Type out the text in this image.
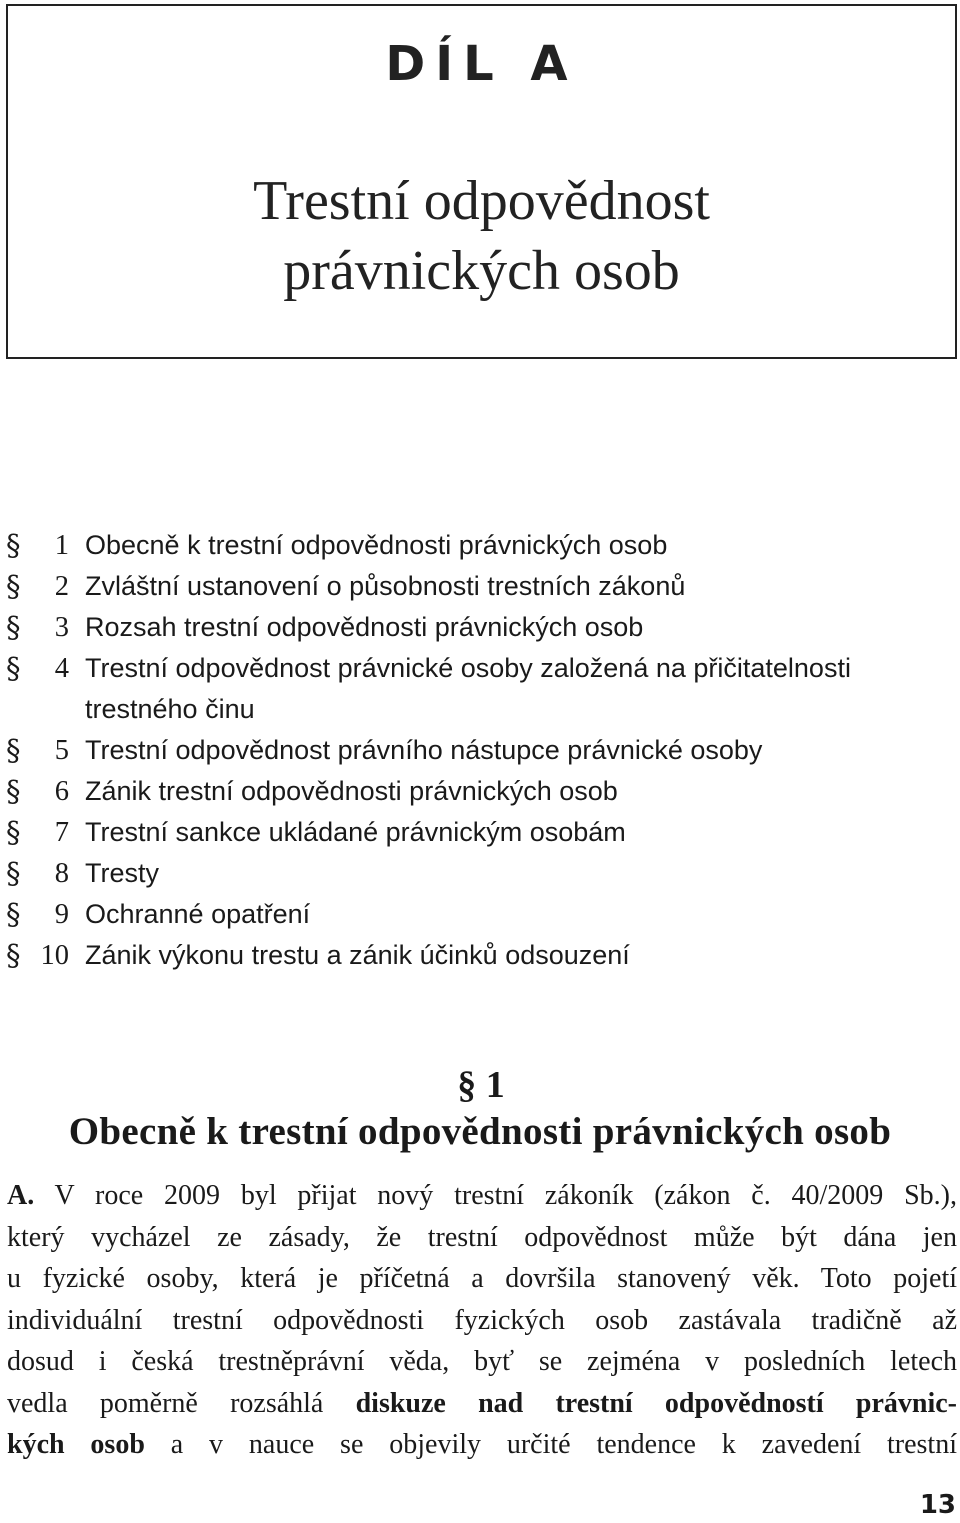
DÍL A
Trestní odpovědnost
právnických osob
§	1 Obecně k trestní odpovědnosti právnických osob
§	2 Zvláštní ustanovení o působnosti trestních zákonů
§	3 Rozsah trestní odpovědnosti právnických osob
§	4 Trestní odpovědnost právnické osoby založená na přičitatelnosti
trestného činu
§	5 Trestní odpovědnost právního nástupce právnické osoby
§	6 Zánik trestní odpovědnosti právnických osob
§	7 Trestní sankce ukládané právnickým osobám
§	8 Tresty
§	9 Ochranné opatření
§ 10 Zánik výkonu trestu a zánik účinků odsouzení
§ 1
Obecně k trestní odpovědnosti právnických osob
A. V roce 2009 byl přijat nový trestní zákoník (zákon č. 40/2009 Sb.),
který vycházel ze zásady, že trestní odpovědnost může být dána jen
u fyzické osoby, která je příčetná a dovršila stanovený věk. Toto pojetí
individuální trestní odpovědnosti fyzických osob zastávala tradičně až
dosud i česká trestněprávní věda, byť se zejména v posledních letech
vedla poměrně rozsáhlá diskuze nad trestní odpovědností právnic-
kých osob a v nauce se objevily určité tendence k zavedení trestní
13
